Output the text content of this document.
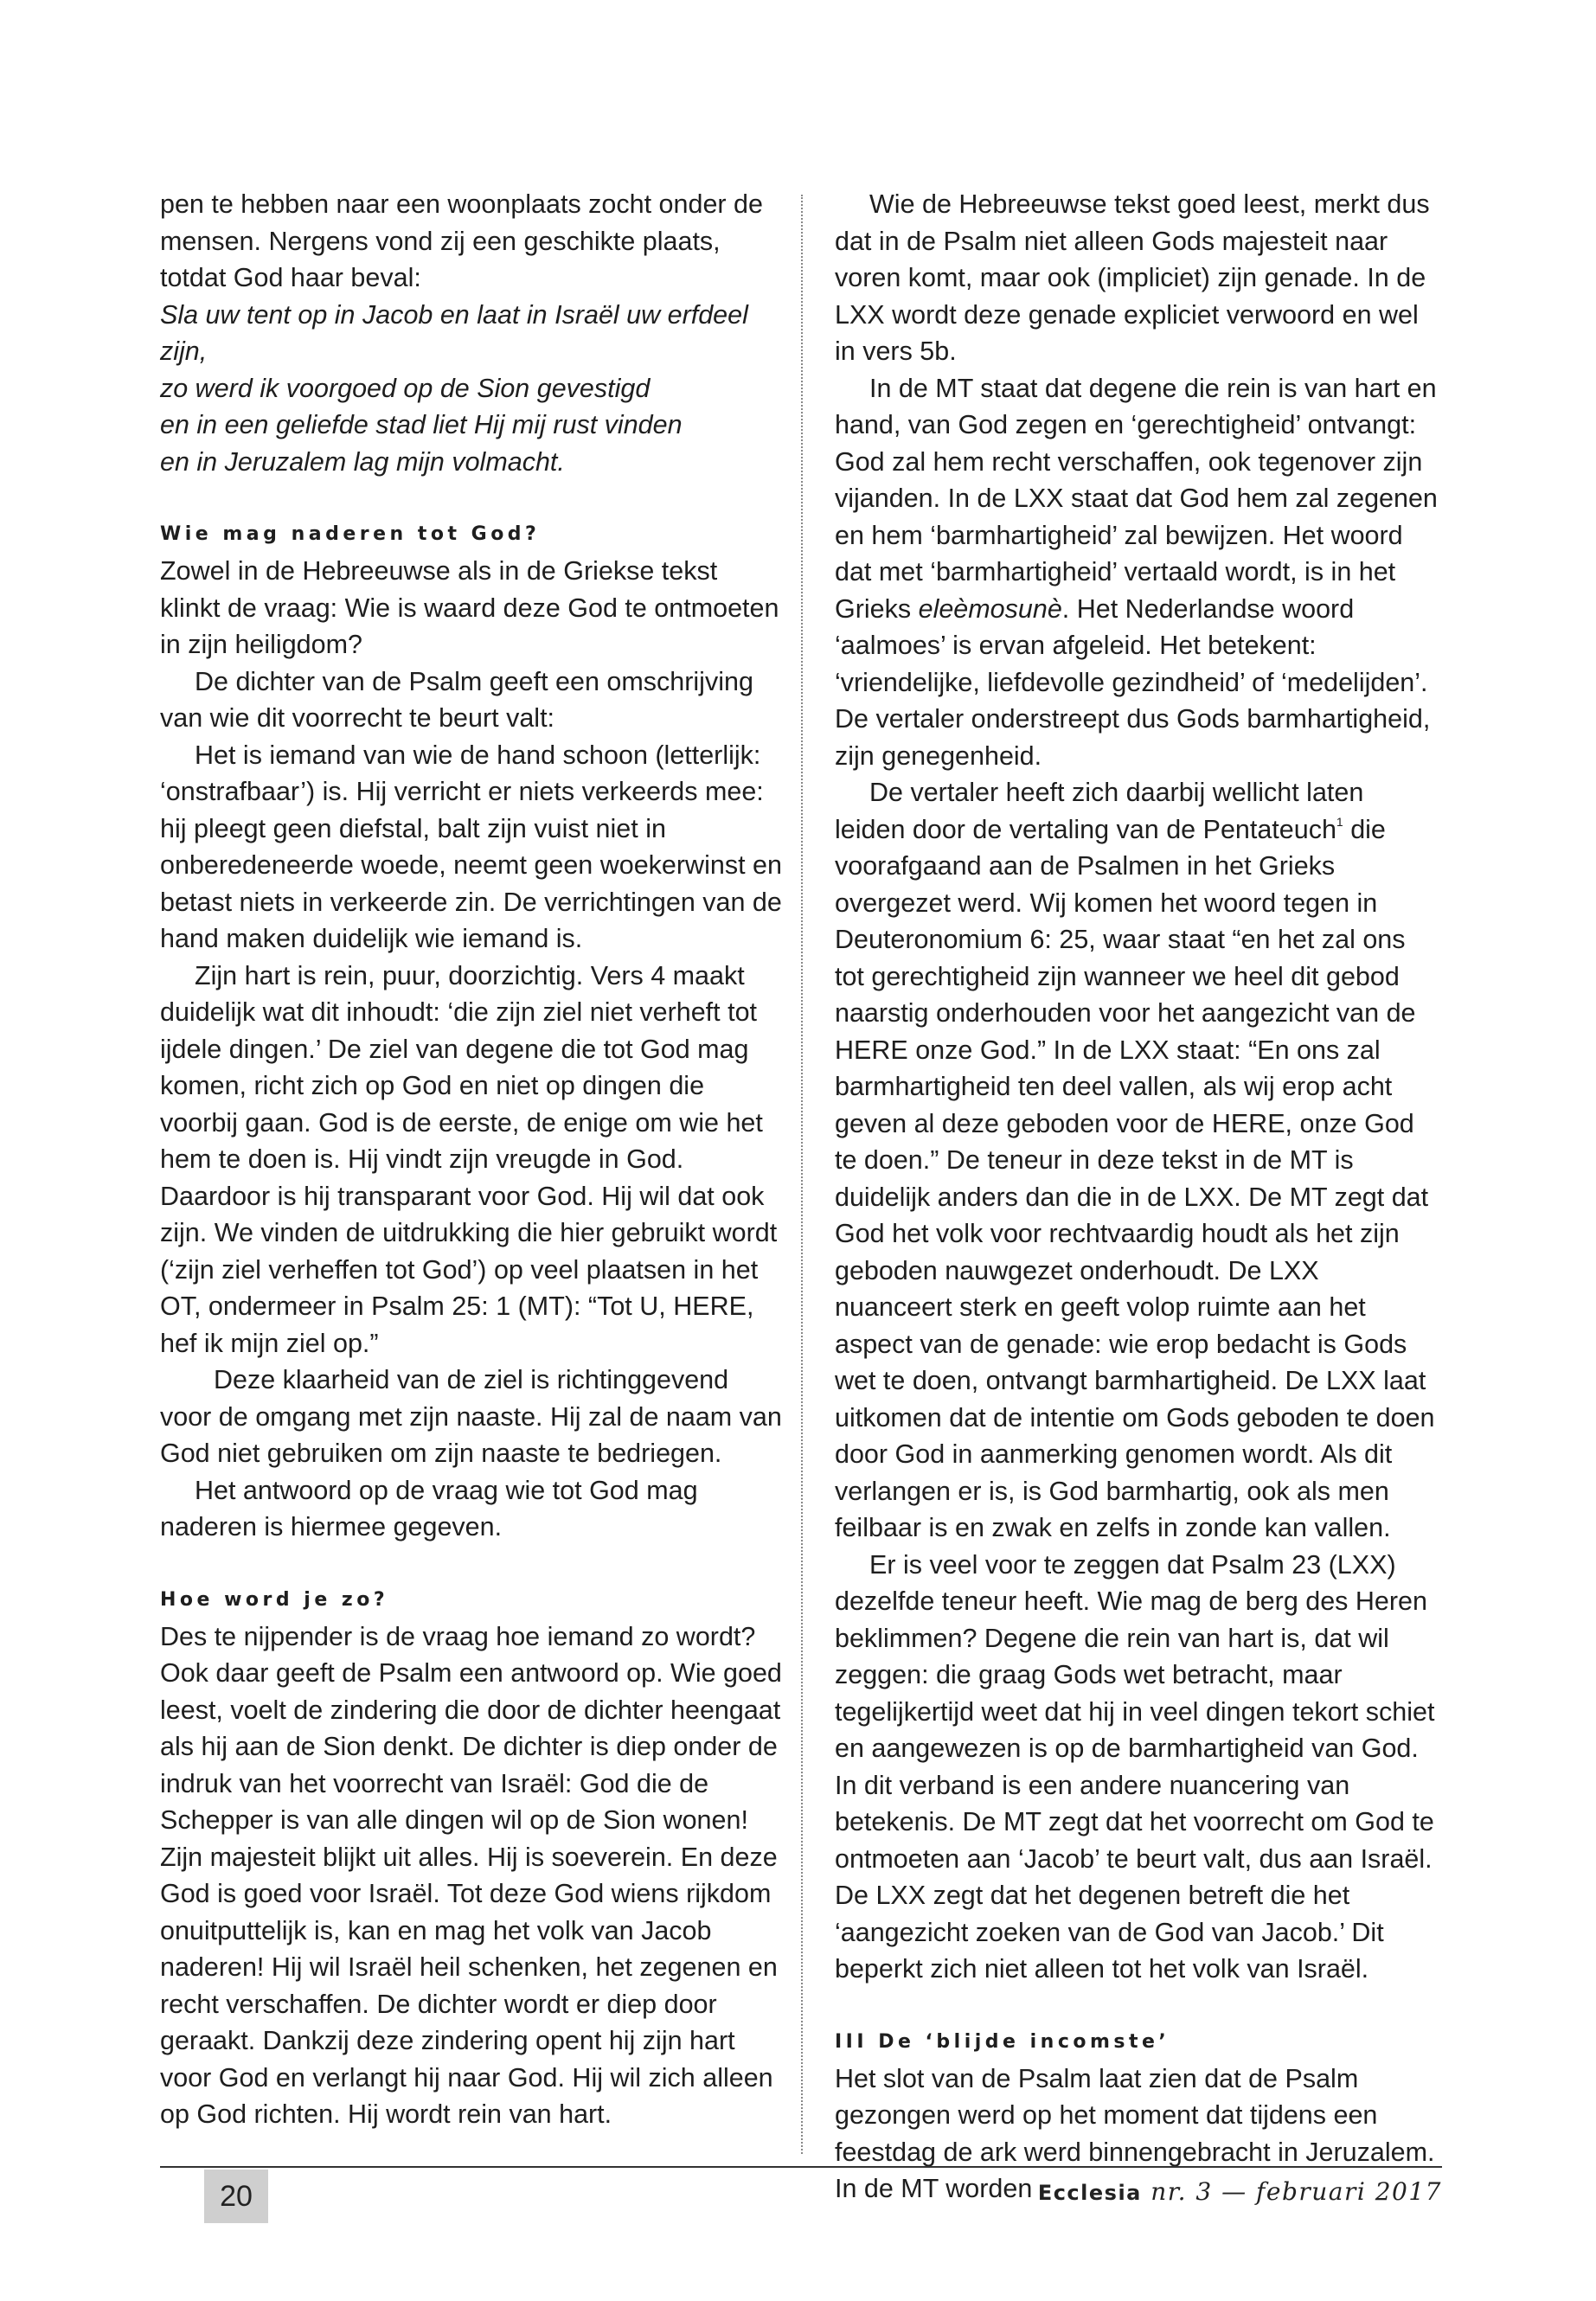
pen te hebben naar een woonplaats zocht onder de mensen. Nergens vond zij een geschikte plaats, totdat God haar beval:

Sla uw tent op in Jacob en laat in Israël uw erfdeel zijn,
zo werd ik voorgoed op de Sion gevestigd
en in een geliefde stad liet Hij mij rust vinden
en in Jeruzalem lag mijn volmacht.
Wie mag naderen tot God?

Zowel in de Hebreeuwse als in de Griekse tekst klinkt de vraag: Wie is waard deze God te ontmoeten in zijn heiligdom?

De dichter van de Psalm geeft een omschrijving van wie dit voorrecht te beurt valt:

Het is iemand van wie de hand schoon (letterlijk: ‘onstrafbaar’) is. Hij verricht er niets verkeerds mee: hij pleegt geen diefstal, balt zijn vuist niet in onberedeneerde woede, neemt geen woekerwinst en betast niets in verkeerde zin. De verrichtingen van de hand maken duidelijk wie iemand is.

Zijn hart is rein, puur, doorzichtig. Vers 4 maakt duidelijk wat dit inhoudt: ‘die zijn ziel niet verheft tot ijdele dingen.’ De ziel van degene die tot God mag komen, richt zich op God en niet op dingen die voorbij gaan. God is de eerste, de enige om wie het hem te doen is. Hij vindt zijn vreugde in God. Daardoor is hij transparant voor God. Hij wil dat ook zijn. We vinden de uitdrukking die hier gebruikt wordt (‘zijn ziel verheffen tot God’) op veel plaatsen in het OT, ondermeer in Psalm 25: 1 (MT): “Tot U, HERE, hef ik mijn ziel op.”

Deze klaarheid van de ziel is richtinggevend voor de omgang met zijn naaste. Hij zal de naam van God niet gebruiken om zijn naaste te bedriegen.

Het antwoord op de vraag wie tot God mag naderen is hiermee gegeven.

Hoe word je zo?

Des te nijpender is de vraag hoe iemand zo wordt? Ook daar geeft de Psalm een antwoord op. Wie goed leest, voelt de zindering die door de dichter heengaat als hij aan de Sion denkt. De dichter is diep onder de indruk van het voorrecht van Israël: God die de Schepper is van alle dingen wil op de Sion wonen! Zijn majesteit blijkt uit alles. Hij is soeverein. En deze God is goed voor Israël. Tot deze God wiens rijkdom onuitputtelijk is, kan en mag het volk van Jacob naderen! Hij wil Israël heil schenken, het zegenen en recht verschaffen. De dichter wordt er diep door geraakt. Dankzij deze zindering opent hij zijn hart voor God en verlangt hij naar God. Hij wil zich alleen op God richten. Hij wordt rein van hart.

Wie de Hebreeuwse tekst goed leest, merkt dus dat in de Psalm niet alleen Gods majesteit naar voren komt, maar ook (impliciet) zijn genade. In de LXX wordt deze genade expliciet verwoord en wel in vers 5b.

In de MT staat dat degene die rein is van hart en hand, van God zegen en ‘gerechtigheid’ ontvangt: God zal hem recht verschaffen, ook tegenover zijn vijanden. In de LXX staat dat God hem zal zegenen en hem ‘barmhartigheid’ zal bewijzen. Het woord dat met ‘barmhartigheid’ vertaald wordt, is in het Grieks eleèmosunè. Het Nederlandse woord ‘aalmoes’ is ervan afgeleid. Het betekent: ‘vriendelijke, liefdevolle gezindheid’ of ‘medelijden’. De vertaler onderstreept dus Gods barmhartigheid, zijn genegenheid.

De vertaler heeft zich daarbij wellicht laten leiden door de vertaling van de Pentateuch$^1$ die voorafgaand aan de Psalmen in het Grieks overgezet werd. Wij komen het woord tegen in Deuteronomium 6: 25, waar staat “en het zal ons tot gerechtigheid zijn wanneer we heel dit gebod naarstig onderhouden voor het aangezicht van de HERE onze God.” In de LXX staat: “En ons zal barmhartigheid ten deel vallen, als wij erop acht geven al deze geboden voor de HERE, onze God te doen.” De teneur in deze tekst in de MT is duidelijk anders dan die in de LXX. De MT zegt dat God het volk voor rechtvaardig houdt als het zijn geboden nauwgezet onderhoudt. De LXX nuanceert sterk en geeft volop ruimte aan het aspect van de genade: wie erop bedacht is Gods wet te doen, ontvangt barmhartigheid. De LXX laat uitkomen dat de intentie om Gods geboden te doen door God in aanmerking genomen wordt. Als dit verlangen er is, is God barmhartig, ook als men feilbaar is en zwak en zelfs in zonde kan vallen.

Er is veel voor te zeggen dat Psalm 23 (LXX) dezelfde teneur heeft. Wie mag de berg des Heren beklimmen? Degene die rein van hart is, dat wil zeggen: die graag Gods wet betracht, maar tegelijkertijd weet dat hij in veel dingen tekort schiet en aangewezen is op de barmhartigheid van God. In dit verband is een andere nuancering van betekenis. De MT zegt dat het voorrecht om God te ontmoeten aan ‘Jacob’ te beurt valt, dus aan Israël. De LXX zegt dat het degenen betreft die het ‘aangezicht zoeken van de God van Jacob.’ Dit beperkt zich niet alleen tot het volk van Israël.

III De ‘blijde incomste’

Het slot van de Psalm laat zien dat de Psalm gezongen werd op het moment dat tijdens een feestdag de ark werd binnengebracht in Jeruzalem. In de MT worden

20	Ecclesia nr. 3 — februari 2017
